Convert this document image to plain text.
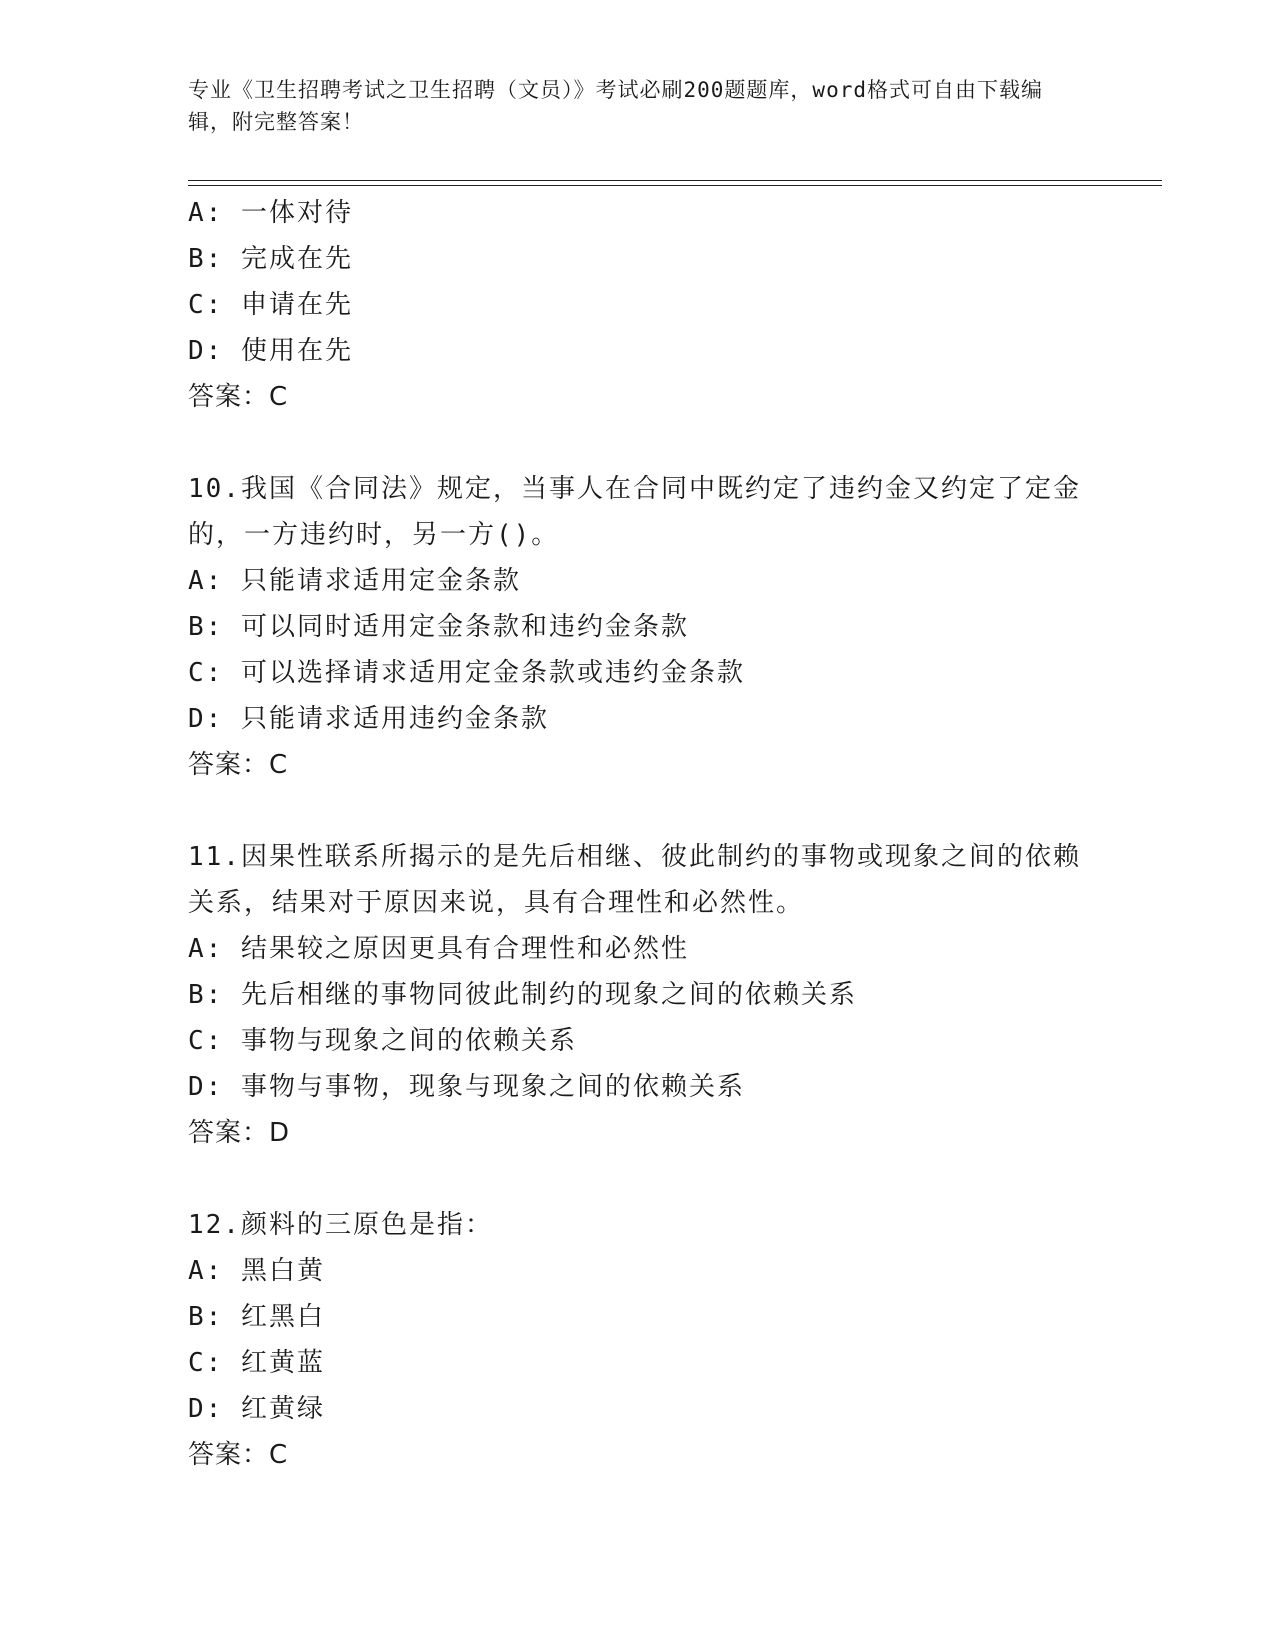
专业《卫生招聘考试之卫生招聘（文员）》考试必刷200题题库，word格式可自由下载编辑，附完整答案！
A: 一体对待
B: 完成在先
C: 申请在先
D: 使用在先
答案：C
10.我国《合同法》规定，当事人在合同中既约定了违约金又约定了定金的，一方违约时，另一方()。
A: 只能请求适用定金条款
B: 可以同时适用定金条款和违约金条款
C: 可以选择请求适用定金条款或违约金条款
D: 只能请求适用违约金条款
答案：C
11.因果性联系所揭示的是先后相继、彼此制约的事物或现象之间的依赖关系，结果对于原因来说，具有合理性和必然性。
A: 结果较之原因更具有合理性和必然性
B: 先后相继的事物同彼此制约的现象之间的依赖关系
C: 事物与现象之间的依赖关系
D: 事物与事物，现象与现象之间的依赖关系
答案：D
12.颜料的三原色是指：
A: 黑白黄
B: 红黑白
C: 红黄蓝
D: 红黄绿
答案：C
